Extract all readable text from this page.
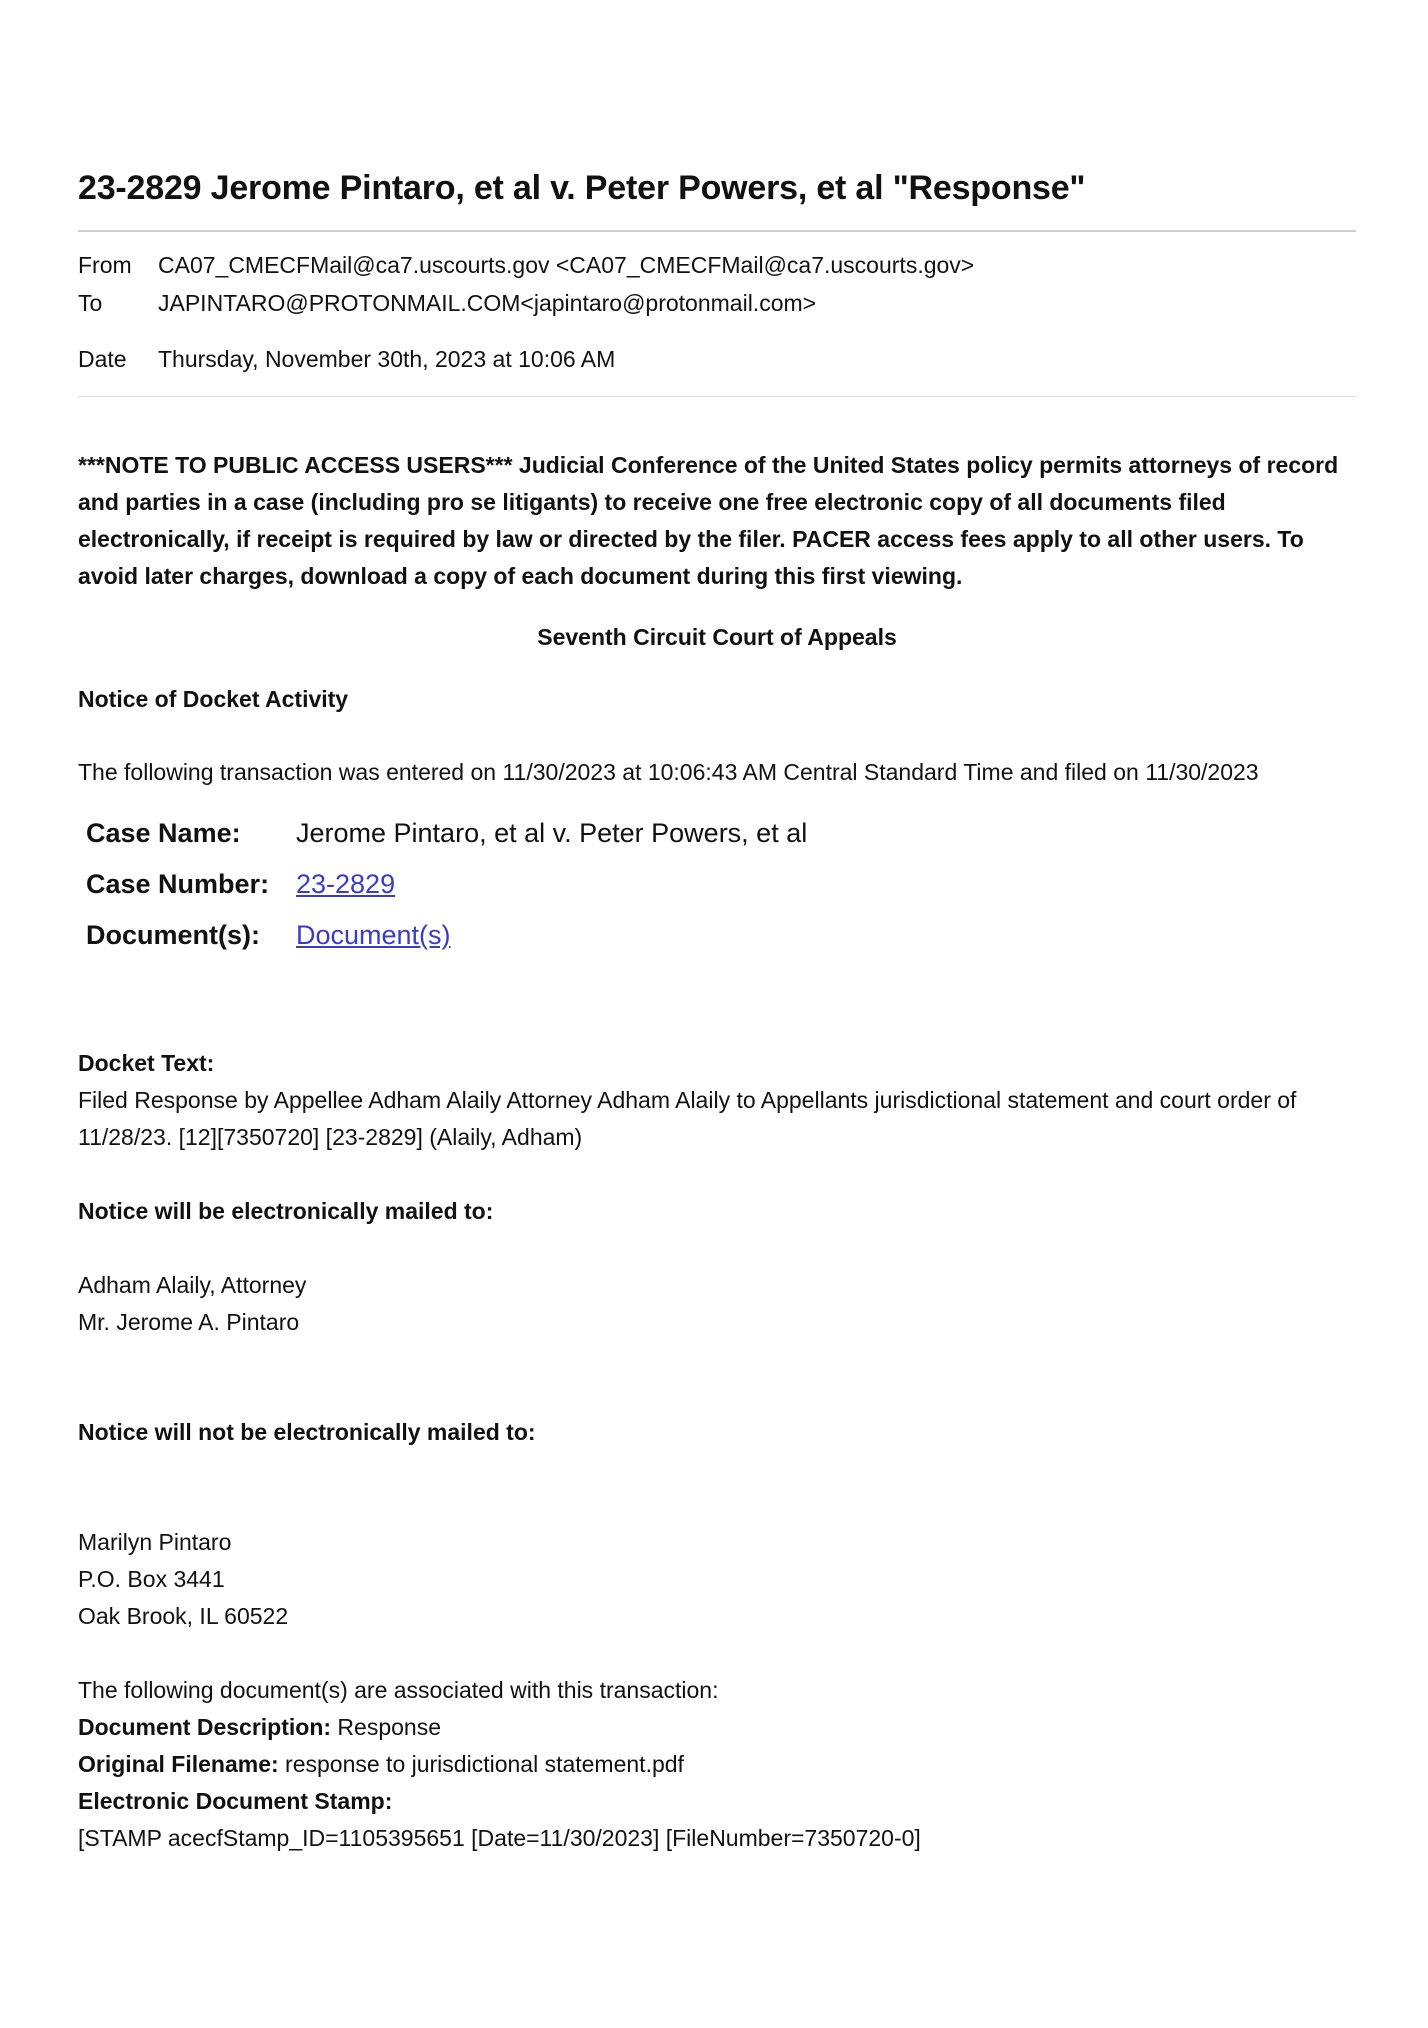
23-2829 Jerome Pintaro, et al v. Peter Powers, et al "Response"
From	CA07_CMECFMail@ca7.uscourts.gov <CA07_CMECFMail@ca7.uscourts.gov>
To	JAPINTARO@PROTONMAIL.COM<japintaro@protonmail.com>
Date	Thursday, November 30th, 2023 at 10:06 AM
***NOTE TO PUBLIC ACCESS USERS*** Judicial Conference of the United States policy permits attorneys of record and parties in a case (including pro se litigants) to receive one free electronic copy of all documents filed electronically, if receipt is required by law or directed by the filer. PACER access fees apply to all other users. To avoid later charges, download a copy of each document during this first viewing.
Seventh Circuit Court of Appeals
Notice of Docket Activity
The following transaction was entered on 11/30/2023 at 10:06:43 AM Central Standard Time and filed on 11/30/2023
Case Name:	Jerome Pintaro, et al v. Peter Powers, et al
Case Number: 23-2829
Document(s):	Document(s)
Docket Text:
Filed Response by Appellee Adham Alaily Attorney Adham Alaily to Appellants jurisdictional statement and court order of 11/28/23. [12][7350720] [23-2829] (Alaily, Adham)
Notice will be electronically mailed to:
Adham Alaily, Attorney
Mr. Jerome A. Pintaro
Notice will not be electronically mailed to:
Marilyn Pintaro
P.O. Box 3441
Oak Brook, IL 60522
The following document(s) are associated with this transaction:
Document Description: Response
Original Filename: response to jurisdictional statement.pdf
Electronic Document Stamp:
[STAMP acecfStamp_ID=1105395651 [Date=11/30/2023] [FileNumber=7350720-0]
